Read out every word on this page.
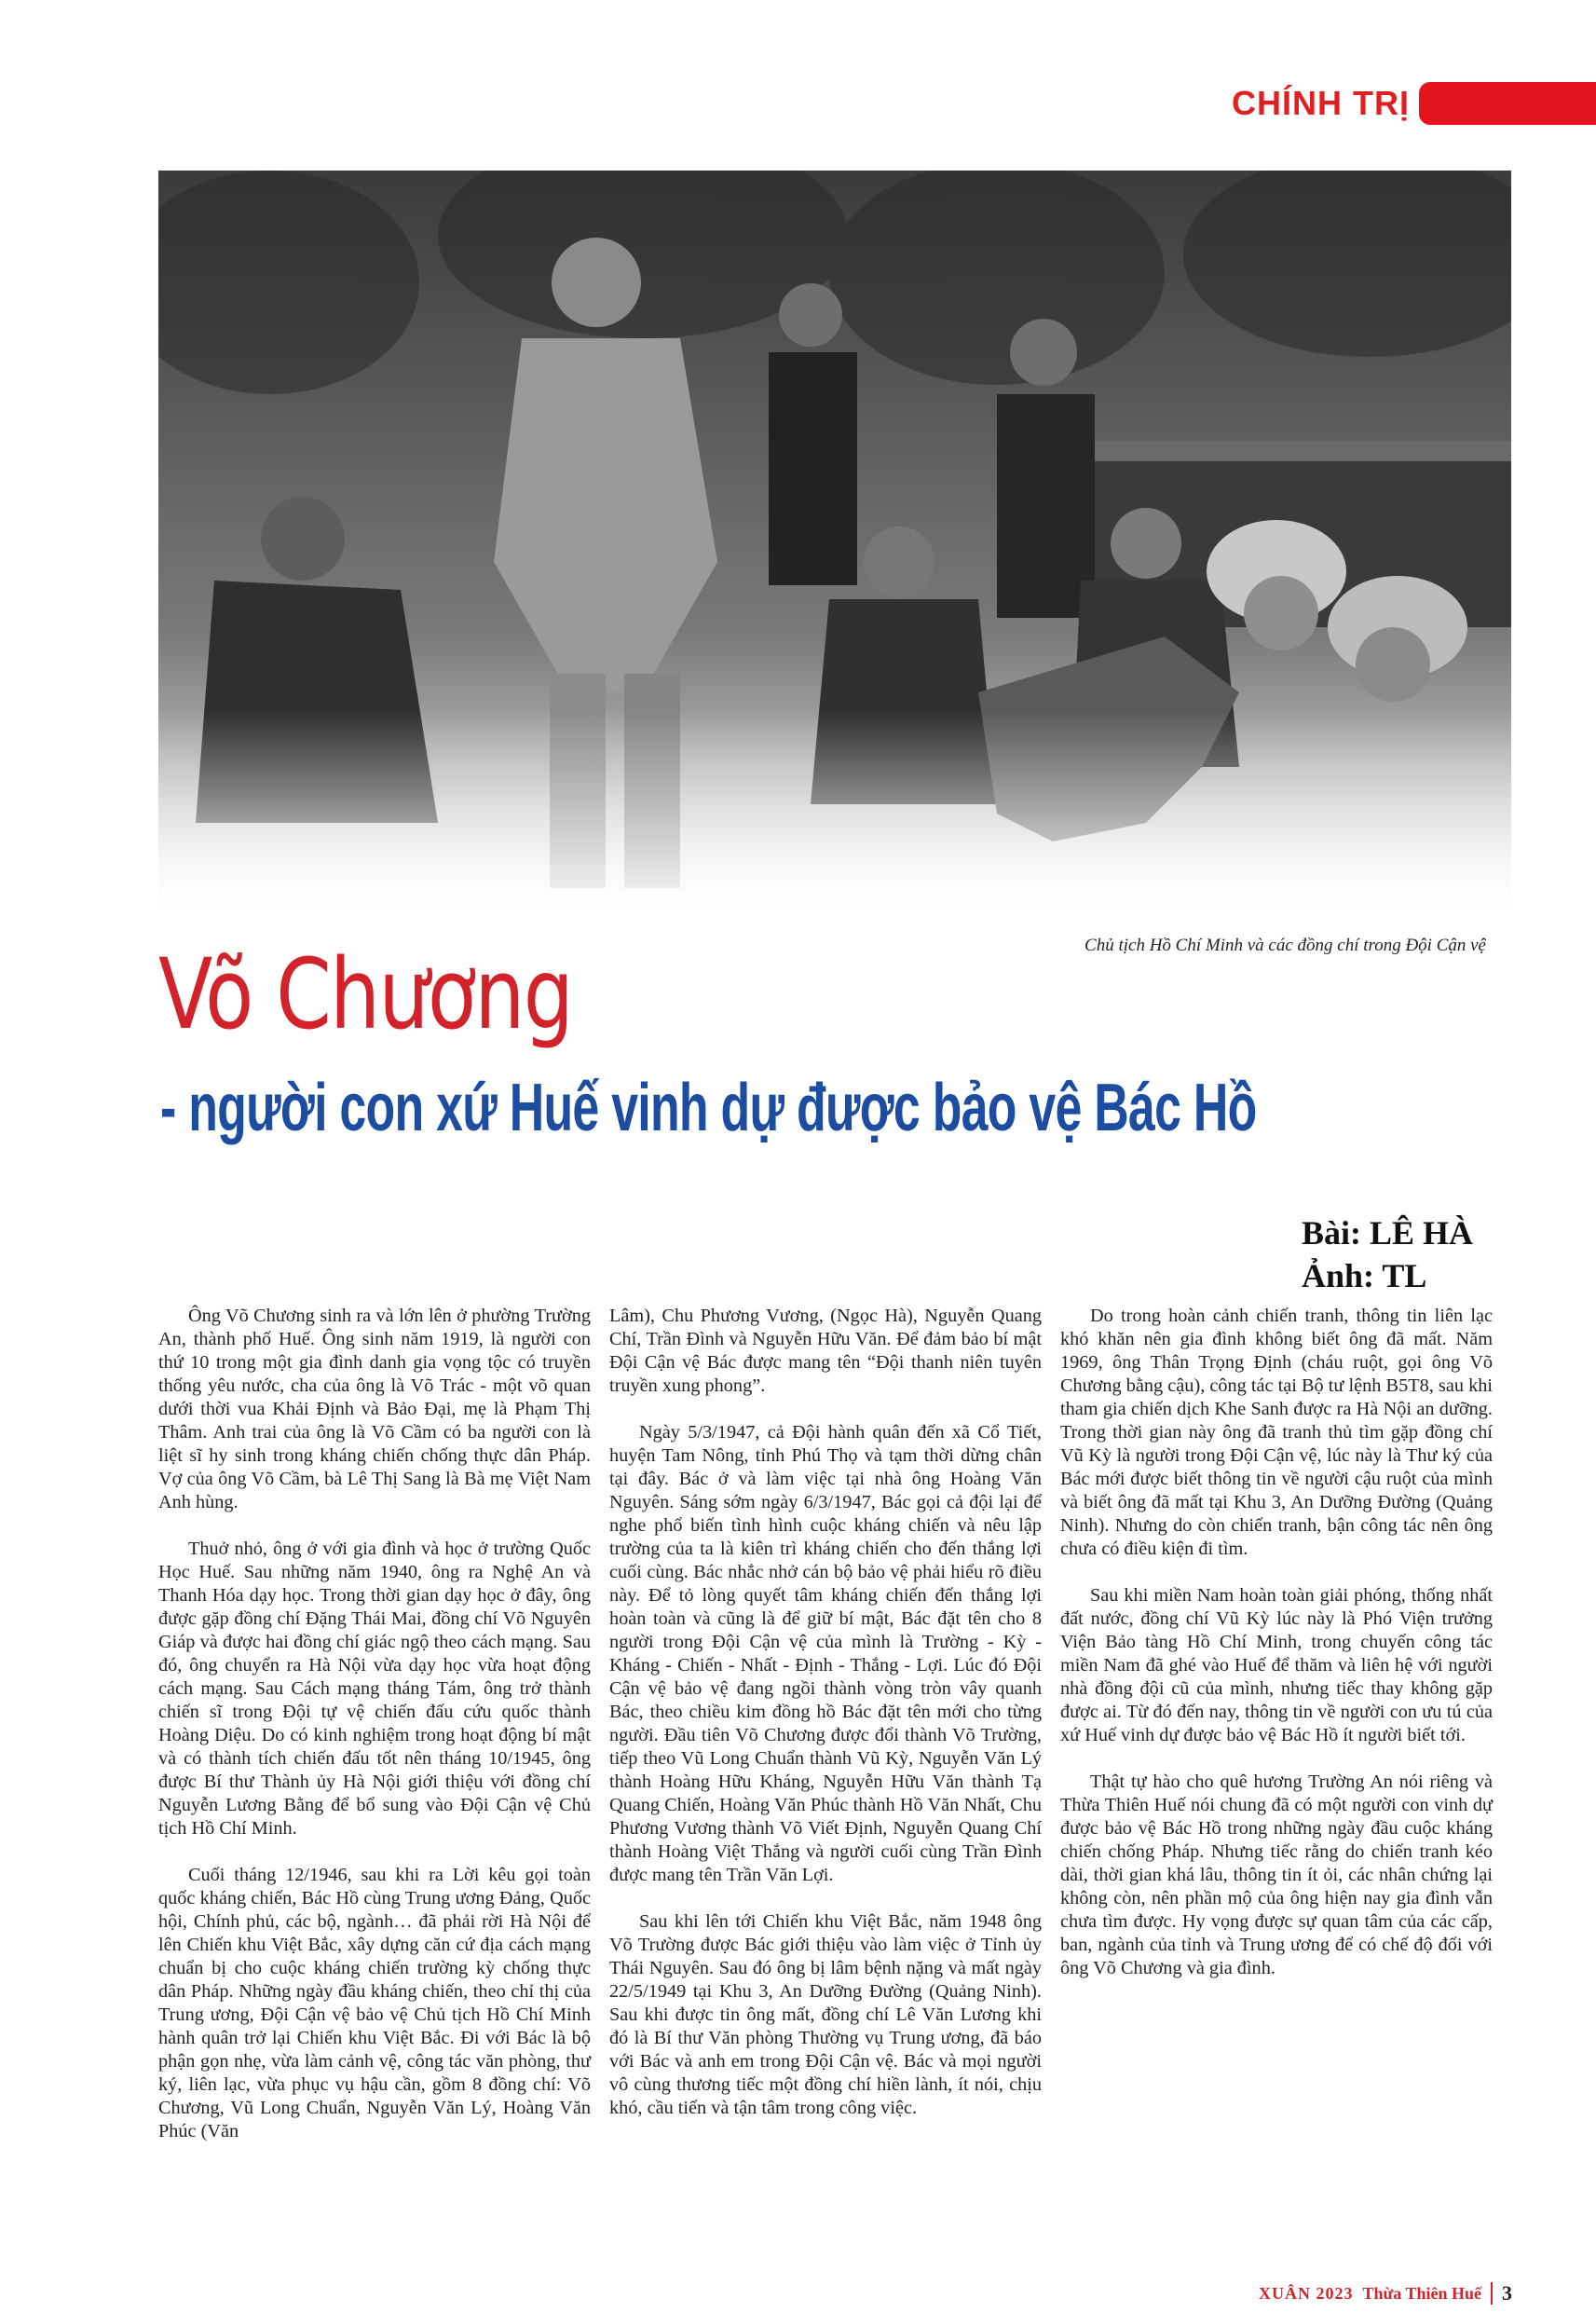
CHÍNH TRỊ
Chủ tịch Hồ Chí Minh và các đồng chí trong Đội Cận vệ
Võ Chương
- người con xứ Huế vinh dự được bảo vệ Bác Hồ
Bài: LÊ HÀ
Ảnh: TL

Ông Võ Chương sinh ra và lớn lên ở phường Trường An, thành phố Huế. Ông sinh năm 1919, là người con thứ 10 trong một gia đình danh gia vọng tộc có truyền thống yêu nước, cha của ông là Võ Trác - một võ quan dưới thời vua Khải Định và Bảo Đại, mẹ là Phạm Thị Thâm. Anh trai của ông là Võ Cầm có ba người con là liệt sĩ hy sinh trong kháng chiến chống thực dân Pháp. Vợ của ông Võ Cầm, bà Lê Thị Sang là Bà mẹ Việt Nam Anh hùng.

Thuở nhỏ, ông ở với gia đình và học ở trường Quốc Học Huế. Sau những năm 1940, ông ra Nghệ An và Thanh Hóa dạy học. Trong thời gian dạy học ở đây, ông được gặp đồng chí Đặng Thái Mai, đồng chí Võ Nguyên Giáp và được hai đồng chí giác ngộ theo cách mạng. Sau đó, ông chuyển ra Hà Nội vừa dạy học vừa hoạt động cách mạng. Sau Cách mạng tháng Tám, ông trở thành chiến sĩ trong Đội tự vệ chiến đấu cứu quốc thành Hoàng Diệu. Do có kinh nghiệm trong hoạt động bí mật và có thành tích chiến đấu tốt nên tháng 10/1945, ông được Bí thư Thành ủy Hà Nội giới thiệu với đồng chí Nguyễn Lương Bằng để bổ sung vào Đội Cận vệ Chủ tịch Hồ Chí Minh.

Cuối tháng 12/1946, sau khi ra Lời kêu gọi toàn quốc kháng chiến, Bác Hồ cùng Trung ương Đảng, Quốc hội, Chính phủ, các bộ, ngành… đã phải rời Hà Nội để lên Chiến khu Việt Bắc, xây dựng căn cứ địa cách mạng chuẩn bị cho cuộc kháng chiến trường kỳ chống thực dân Pháp. Những ngày đầu kháng chiến, theo chỉ thị của Trung ương, Đội Cận vệ bảo vệ Chủ tịch Hồ Chí Minh hành quân trở lại Chiến khu Việt Bắc. Đi với Bác là bộ phận gọn nhẹ, vừa làm cảnh vệ, công tác văn phòng, thư ký, liên lạc, vừa phục vụ hậu cần, gồm 8 đồng chí: Võ Chương, Vũ Long Chuẩn, Nguyễn Văn Lý, Hoàng Văn Phúc (Văn

Lâm), Chu Phương Vương, (Ngọc Hà), Nguyễn Quang Chí, Trần Đình và Nguyễn Hữu Văn. Để đảm bảo bí mật Đội Cận vệ Bác được mang tên “Đội thanh niên tuyên truyền xung phong”.

Ngày 5/3/1947, cả Đội hành quân đến xã Cổ Tiết, huyện Tam Nông, tỉnh Phú Thọ và tạm thời dừng chân tại đây. Bác ở và làm việc tại nhà ông Hoàng Văn Nguyên. Sáng sớm ngày 6/3/1947, Bác gọi cả đội lại để nghe phổ biến tình hình cuộc kháng chiến và nêu lập trường của ta là kiên trì kháng chiến cho đến thắng lợi cuối cùng. Bác nhắc nhở cán bộ bảo vệ phải hiểu rõ điều này. Để tỏ lòng quyết tâm kháng chiến đến thắng lợi hoàn toàn và cũng là để giữ bí mật, Bác đặt tên cho 8 người trong Đội Cận vệ của mình là Trường - Kỳ - Kháng - Chiến - Nhất - Định - Thắng - Lợi. Lúc đó Đội Cận vệ bảo vệ đang ngồi thành vòng tròn vây quanh Bác, theo chiều kim đồng hồ Bác đặt tên mới cho từng người. Đầu tiên Võ Chương được đổi thành Võ Trường, tiếp theo Vũ Long Chuẩn thành Vũ Kỳ, Nguyễn Văn Lý thành Hoàng Hữu Kháng, Nguyễn Hữu Văn thành Tạ Quang Chiến, Hoàng Văn Phúc thành Hồ Văn Nhất, Chu Phương Vương thành Võ Viết Định, Nguyễn Quang Chí thành Hoàng Việt Thắng và người cuối cùng Trần Đình được mang tên Trần Văn Lợi.

Sau khi lên tới Chiến khu Việt Bắc, năm 1948 ông Võ Trường được Bác giới thiệu vào làm việc ở Tỉnh ủy Thái Nguyên. Sau đó ông bị lâm bệnh nặng và mất ngày 22/5/1949 tại Khu 3, An Dưỡng Đường (Quảng Ninh). Sau khi được tin ông mất, đồng chí Lê Văn Lương khi đó là Bí thư Văn phòng Thường vụ Trung ương, đã báo với Bác và anh em trong Đội Cận vệ. Bác và mọi người vô cùng thương tiếc một đồng chí hiền lành, ít nói, chịu khó, cầu tiến và tận tâm trong công việc.

Do trong hoàn cảnh chiến tranh, thông tin liên lạc khó khăn nên gia đình không biết ông đã mất. Năm 1969, ông Thân Trọng Định (cháu ruột, gọi ông Võ Chương bằng cậu), công tác tại Bộ tư lệnh B5T8, sau khi tham gia chiến dịch Khe Sanh được ra Hà Nội an dưỡng. Trong thời gian này ông đã tranh thủ tìm gặp đồng chí Vũ Kỳ là người trong Đội Cận vệ, lúc này là Thư ký của Bác mới được biết thông tin về người cậu ruột của mình và biết ông đã mất tại Khu 3, An Dưỡng Đường (Quảng Ninh). Nhưng do còn chiến tranh, bận công tác nên ông chưa có điều kiện đi tìm.

Sau khi miền Nam hoàn toàn giải phóng, thống nhất đất nước, đồng chí Vũ Kỳ lúc này là Phó Viện trưởng Viện Bảo tàng Hồ Chí Minh, trong chuyến công tác miền Nam đã ghé vào Huế để thăm và liên hệ với người nhà đồng đội cũ của mình, nhưng tiếc thay không gặp được ai. Từ đó đến nay, thông tin về người con ưu tú của xứ Huế vinh dự được bảo vệ Bác Hồ ít người biết tới.

Thật tự hào cho quê hương Trường An nói riêng và Thừa Thiên Huế nói chung đã có một người con vinh dự được bảo vệ Bác Hồ trong những ngày đầu cuộc kháng chiến chống Pháp. Nhưng tiếc rằng do chiến tranh kéo dài, thời gian khá lâu, thông tin ít ỏi, các nhân chứng lại không còn, nên phần mộ của ông hiện nay gia đình vẫn chưa tìm được. Hy vọng được sự quan tâm của các cấp, ban, ngành của tỉnh và Trung ương để có chế độ đối với ông Võ Chương và gia đình.

XUÂN 2023 Thừa Thiên Huế 3
